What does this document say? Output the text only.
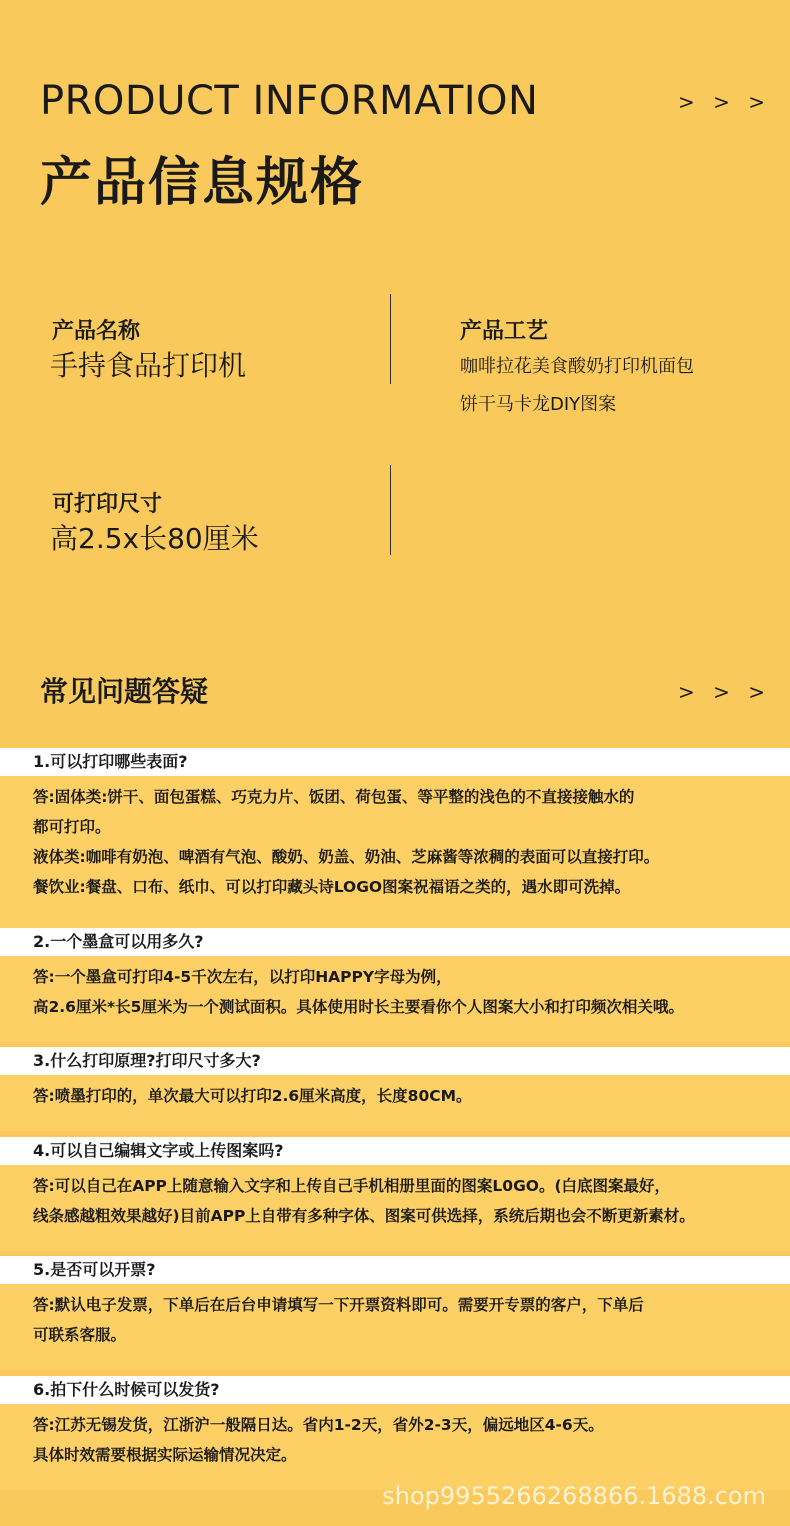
PRODUCT INFORMATION	> > >
产品信息规格
产品名称
手持食品打印机
产品工艺
咖啡拉花美食酸奶打印机面包
饼干马卡龙DIY图案
可打印尺寸
高2.5x长80厘米
常见问题答疑	> > >
1.可以打印哪些表面?
答:固体类:饼干、面包蛋糕、巧克力片、饭团、荷包蛋、等平整的浅色的不直接接触水的
都可打印。
液体类:咖啡有奶泡、啤酒有气泡、酸奶、奶盖、奶油、芝麻酱等浓稠的表面可以直接打印。
餐饮业:餐盘、口布、纸巾、可以打印藏头诗LOGO图案祝福语之类的，遇水即可洗掉。
2.一个墨盒可以用多久?
答:一个墨盒可打印4-5千次左右，以打印HAPPY字母为例，
高2.6厘米*长5厘米为一个测试面积。具体使用时长主要看你个人图案大小和打印频次相关哦。
3.什么打印原理?打印尺寸多大?
答:喷墨打印的，单次最大可以打印2.6厘米高度，长度80CM。
4.可以自己编辑文字或上传图案吗?
答:可以自己在APP上随意输入文字和上传自己手机相册里面的图案L0GO。(白底图案最好，
线条感越粗效果越好)目前APP上自带有多种字体、图案可供选择，系统后期也会不断更新素材。
5.是否可以开票?
答:默认电子发票，下单后在后台申请填写一下开票资料即可。需要开专票的客户，下单后
可联系客服。
6.拍下什么时候可以发货?
答:江苏无锡发货，江浙沪一般隔日达。省内1-2天，省外2-3天，偏远地区4-6天。
具体时效需要根据实际运输情况决定。
shop9955266268866.1688.com
